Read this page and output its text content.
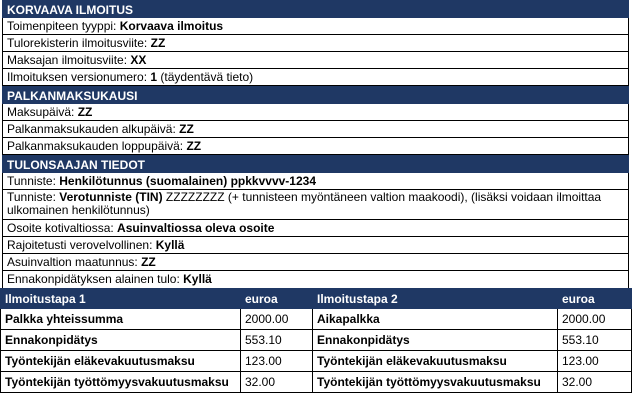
KORVAAVA ILMOITUS
Toimenpiteen tyyppi: Korvaava ilmoitus
Tulorekisterin ilmoitusviite: ZZ
Maksajan ilmoitusviite: XX
Ilmoituksen versionumero: 1 (täydentävä tieto)
PALKANMAKSUKAUSI
Maksupäivä: ZZ
Palkanmaksukauden alkupäivä: ZZ
Palkanmaksukauden loppupäivä: ZZ
TULONSAAJAN TIEDOT
Tunniste: Henkilötunnus (suomalainen) ppkkvvvv-1234
Tunniste: Verotunniste (TIN) ZZZZZZZZ (+ tunnisteen myöntäneen valtion maakoodi), (lisäksi voidaan ilmoittaa ulkomainen henkilötunnus)
Osoite kotivaltiossa: Asuinvaltiossa oleva osoite
Rajoitetusti verovelvollinen: Kyllä
Asuinvaltion maatunnus: ZZ
Ennakonpidätyksen alainen tulo: Kyllä
Ilmoitustapa 1	euroa	Ilmoitustapa 2	euroa
Palkka yhteissumma	2000.00	Aikapalkka	2000.00
Ennakonpidätys	553.10	Ennakonpidätys	553.10
Työntekijän eläkevakuutusmaksu	123.00	Työntekijän eläkevakuutusmaksu	123.00
Työntekijän työttömyysvakuutusmaksu	32.00	Työntekijän työttömyysvakuutusmaksu	32.00
